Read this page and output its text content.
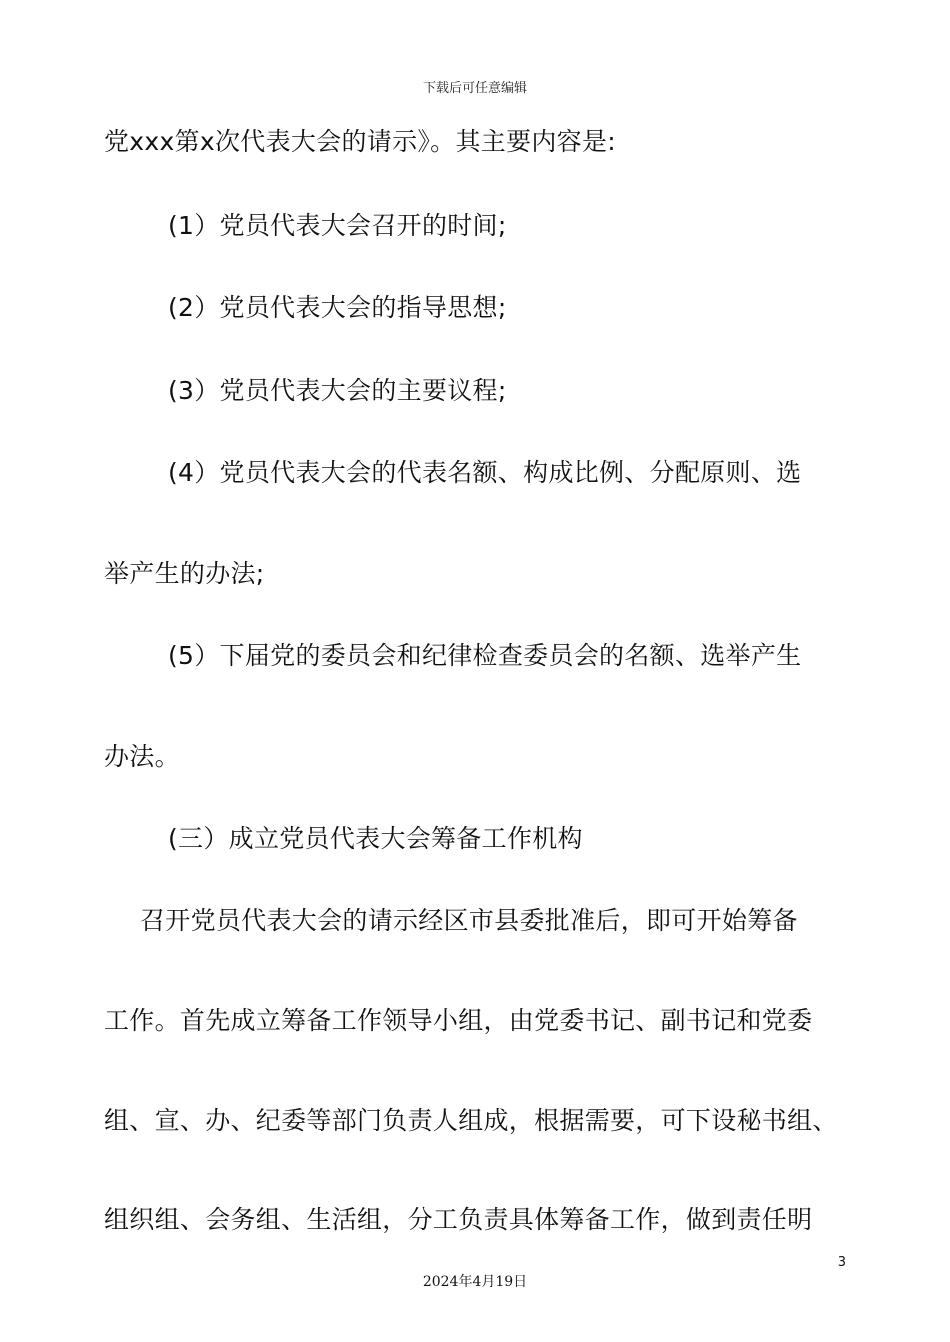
下载后可任意编辑
党xxx第x次代表大会的请示》。其主要内容是:
(1）党员代表大会召开的时间;
(2）党员代表大会的指导思想;
(3）党员代表大会的主要议程;
(4）党员代表大会的代表名额、构成比例、分配原则、选
举产生的办法;
(5）下届党的委员会和纪律检查委员会的名额、选举产生
办法。
(三）成立党员代表大会筹备工作机构
召开党员代表大会的请示经区市县委批准后，即可开始筹备
工作。首先成立筹备工作领导小组，由党委书记、副书记和党委
组、宣、办、纪委等部门负责人组成，根据需要，可下设秘书组、
组织组、会务组、生活组，分工负责具体筹备工作，做到责任明
3
2024年4月19日
